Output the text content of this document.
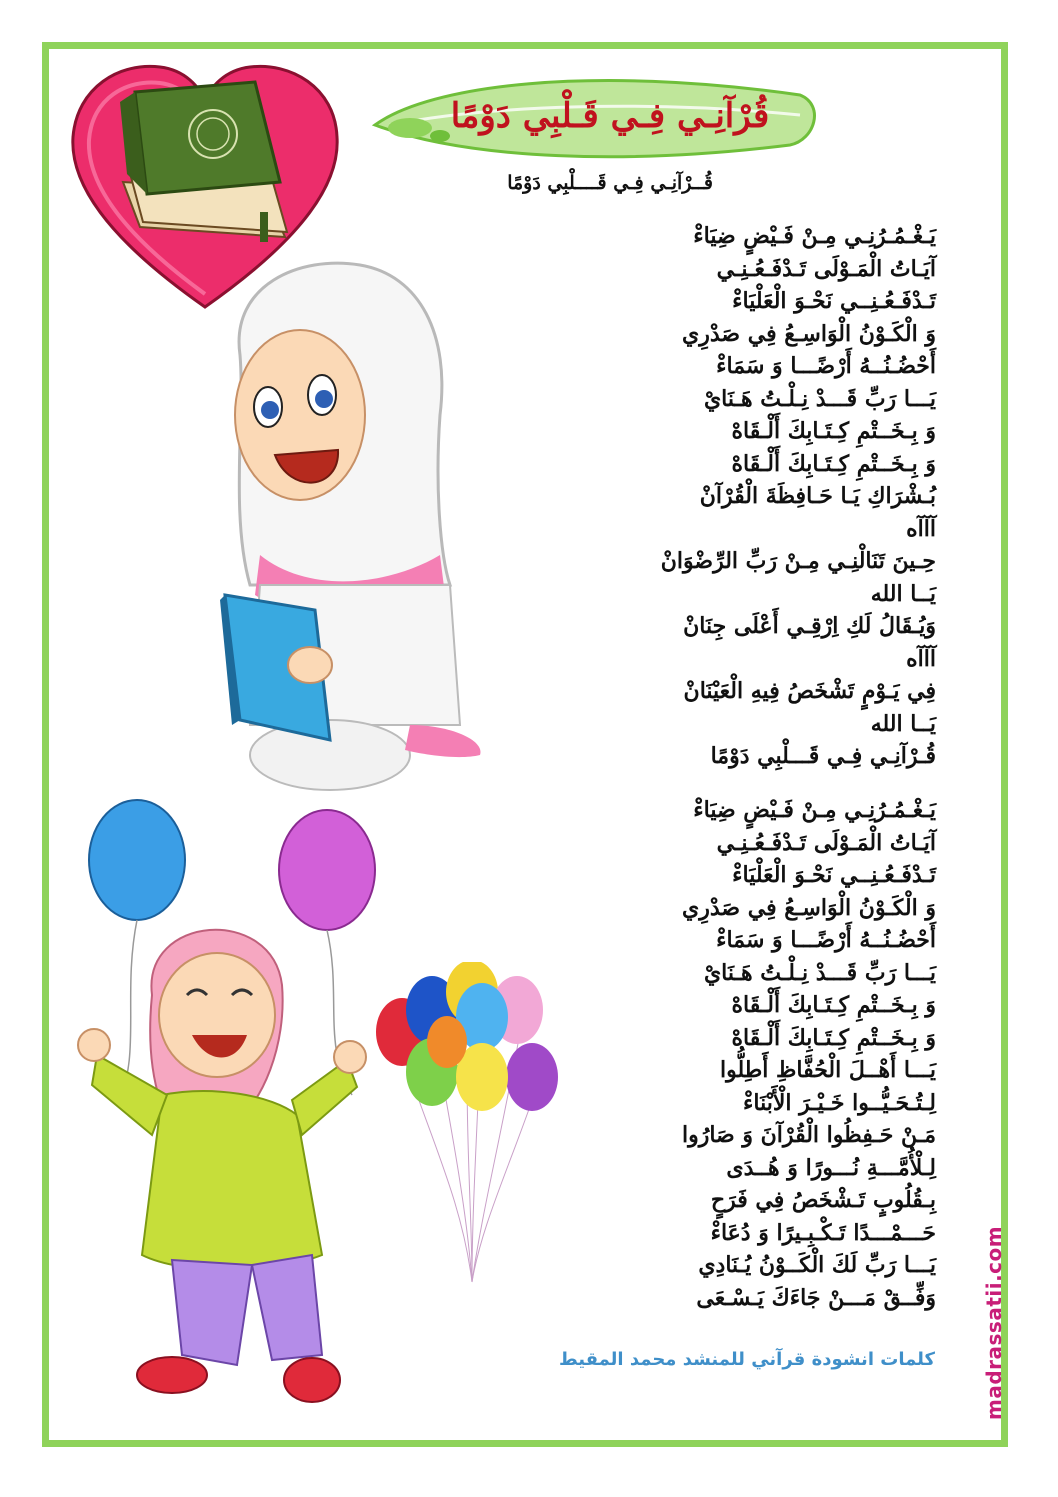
قُرْآنِـي فِـي قَـلْبِي دَوْمًا
قُــرْآنِـي فِـي قَــــلْبِي دَوْمًا
يَـغْـمُـرُنِـي مِـنْ فَـيْضٍ ضِيَاءْ
آيَـاتُ الْمَـوْلَى تَـدْفَـعُـنِـي
تَـدْفَـعُـنِــي نَحْـوَ الْعَلْيَاءْ
وَ الْكَـوْنُ الْوَاسِـعُ فِي صَدْرِي
أَحْضُـنُــهُ أَرْضًـــا وَ سَمَاءْ
يَـــا رَبِّ قَـــدْ نِـلْـتُ هَـنَايْ
وَ بِـخَــتْمِ كِـتَـابِكَ أَلْـقَاهْ
وَ بِـخَــتْمِ كِـتَـابِكَ أَلْـقَاهْ
بُـشْرَاكِ يَـا حَـافِظَةَ الْقُرْآنْ
آآآه
حِـينَ تَنَالْنِـي مِـنْ رَبِّ الرِّضْوَانْ
يَــا الله
وَيُـقَالُ لَكِ اِرْقِـي أَعْلَى جِنَانْ
آآآه
فِي يَـوْمٍ تَشْخَصُ فِيهِ الْعَيْنَانْ
يَــا الله
قُـرْآنِـي فِـي قَـــلْبِي دَوْمًا
يَـغْـمُـرُنِـي مِـنْ فَـيْضٍ ضِيَاءْ
آيَـاتُ الْمَـوْلَى تَـدْفَـعُـنِـي
تَـدْفَـعُـنِــي نَحْـوَ الْعَلْيَاءْ
وَ الْكَـوْنُ الْوَاسِـعُ فِي صَدْرِي
أَحْضُـنُــهُ أَرْضًـــا وَ سَمَاءْ
يَـــا رَبِّ قَـــدْ نِـلْـتُ هَـنَايْ
وَ بِـخَــتْمِ كِـتَـابِكَ أَلْـقَاهْ
وَ بِـخَــتْمِ كِـتَـابِكَ أَلْـقَاهْ
يَـــا أَهْــلَ الْحُفَّاظِ أَطِلُّوا
لِـتُـحَـيُّــوا خَـيْـرَ الْأَبْنَاءْ
مَـنْ حَـفِظُوا الْقُرْآنَ وَ صَارُوا
لِـلْأُمَّـــةِ نُـــورًا وَ هُــدَى
بِـقُلُوبٍ تَـشْخَصُ فِي فَرَحٍ
حَـــمْـــدًا تَـكْـبِـيرًا وَ دُعَاءْ
يَـــا رَبِّ لَكَ الْكَــوْنُ يُـنَادِي
وَفِّــقْ مَـــنْ جَاءَكَ يَـسْـعَى
كلمات انشودة قرآني للمنشد محمد المقيط madrassatii.com
